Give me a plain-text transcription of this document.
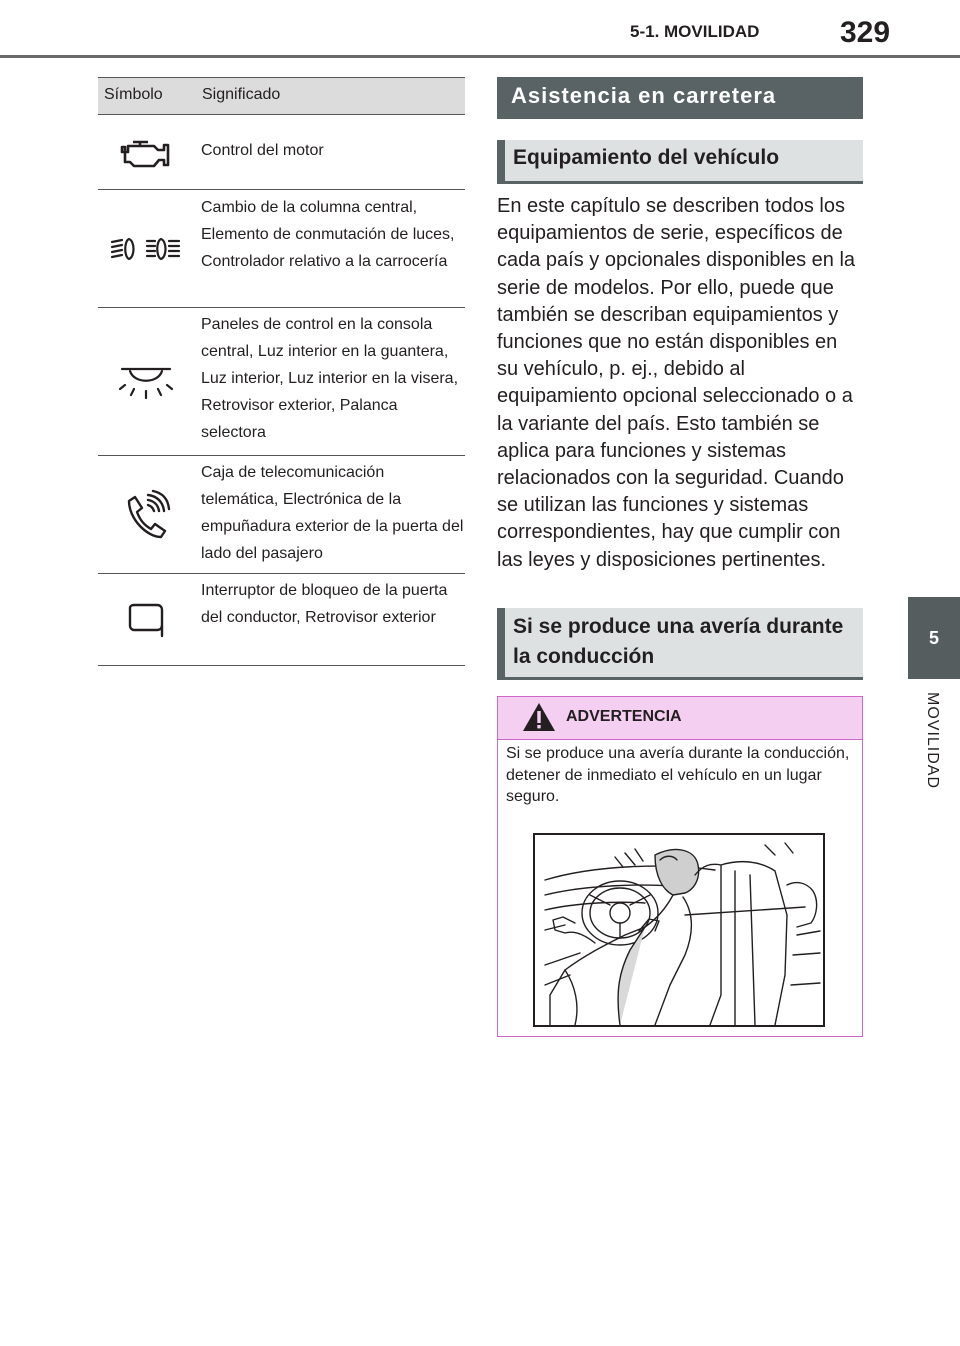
5-1. MOVILIDAD	329
5
MOVILIDAD
Símbolo Significado
Control del motor
Cambio de la columna central, Elemento de conmutación de luces, Controlador relativo a la carrocería
Paneles de control en la consola central, Luz interior en la guantera, Luz interior, Luz interior en la visera, Retrovisor exterior, Palanca selectora
Caja de telecomunicación telemática, Electrónica de la empuñadura exterior de la puerta del lado del pasajero
Interruptor de bloqueo de la puerta del conductor, Retrovisor exterior
Asistencia en carretera
Equipamiento del vehículo
En este capítulo se describen todos los equipamientos de serie, específicos de cada país y opcionales disponibles en la serie de modelos. Por ello, puede que también se describan equipamientos y funciones que no están disponibles en su vehículo, p. ej., debido al equipamiento opcional seleccionado o a la variante del país. Esto también se aplica para funciones y sistemas relacionados con la seguridad. Cuando se utilizan las funciones y sistemas correspondientes, hay que cumplir con las leyes y disposiciones pertinentes.
Si se produce una avería durante la conducción
ADVERTENCIA
Si se produce una avería durante la conducción, detener de inmediato el vehículo en un lugar seguro.
